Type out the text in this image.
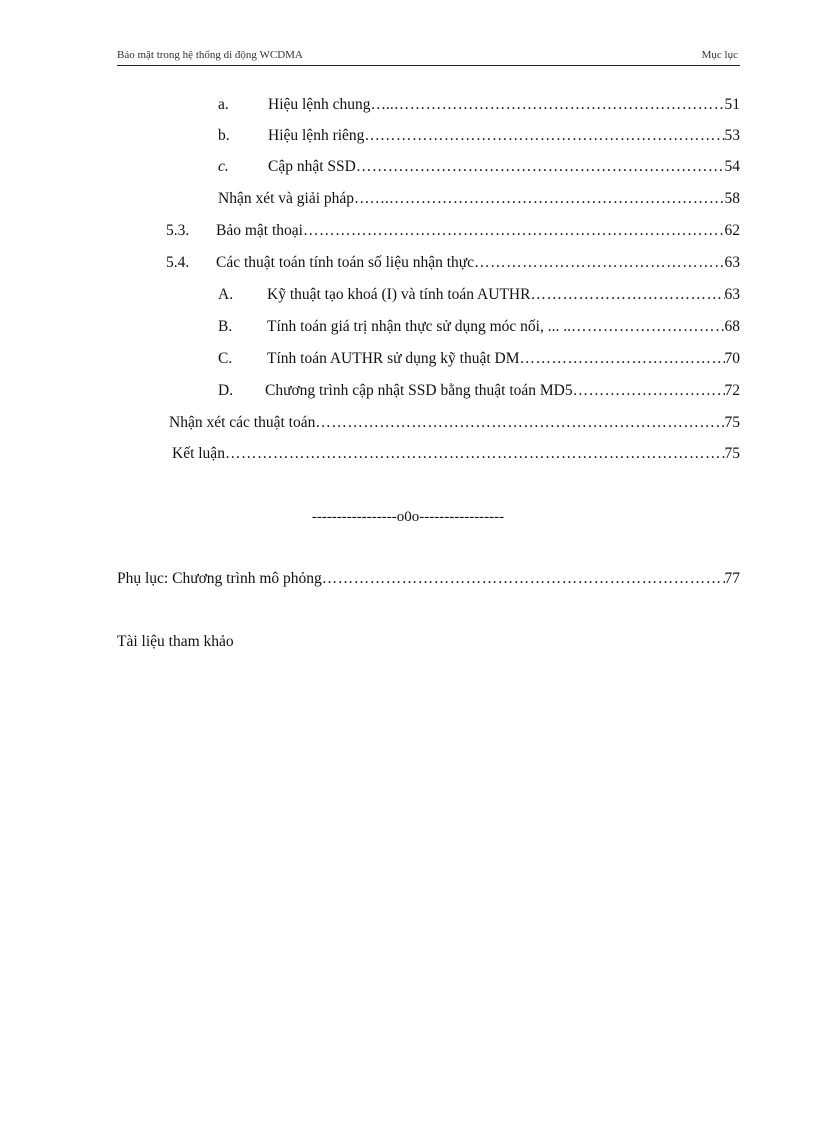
Bảo mật trong hệ thống di động WCDMA	Mục lục
a.	Hiệu lệnh chung….. ……………………………………………………………………………………………………………………………………………………………………	51
b.	Hiệu lệnh riêng… ……………………………………………………………………………………………………………………………………………………………………	53
c.	Cập nhật SSD ……………………………………………………………………………………………………………………………………………………………………	54
Nhận xét và giải pháp……. ……………………………………………………………………………………………………………………………………………………………………	58
5.3.	Bảo mật thoại ……………………………………………………………………………………………………………………………………………………………………	62
5.4.	Các thuật toán tính toán số liệu nhận thực ……………………………………………………………………………………………………………………………………………………………………	63
A.	Kỹ thuật tạo khoá (I) và tính toán AUTHR ……………………………………………………………………………………………………………………………………………………………………	63
B.	Tính toán giá trị nhận thực sử dụng móc nối, ... .. ……………………………………………………………………………………………………………………………………………………………………	68
C.	Tính toán AUTHR sử dụng kỹ thuật DM ……………………………………………………………………………………………………………………………………………………………………	70
D.	Chương trình cập nhật SSD bằng thuật toán MD5 ……………………………………………………………………………………………………………………………………………………………………	72
Nhận xét các thuật toán ……………………………………………………………………………………………………………………………………………………………………	75
Kết luận ……………………………………………………………………………………………………………………………………………………………………	75
-----------------o0o-----------------
Phụ lục: Chương trình mô phỏng ……………………………………………………………………………………………………………………………………………………………………	77
Tài liệu tham khảo
